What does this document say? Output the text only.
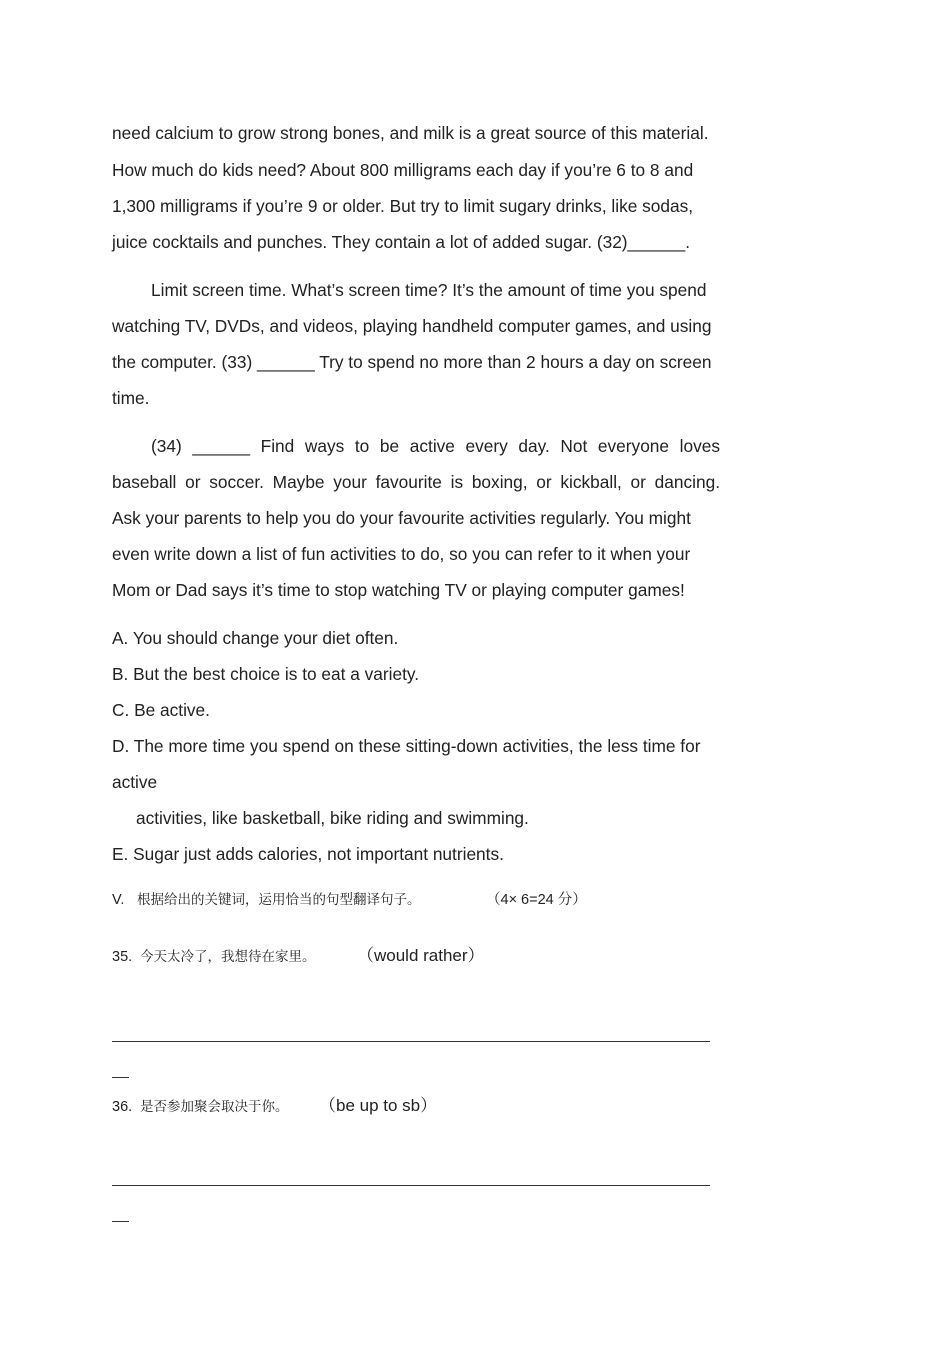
need calcium to grow strong bones, and milk is a great source of this material.
How much do kids need? About 800 milligrams each day if you’re 6 to 8 and
1,300 milligrams if you’re 9 or older. But try to limit sugary drinks, like sodas,
juice cocktails and punches. They contain a lot of added sugar. (32)______.
Limit screen time. What’s screen time? It’s the amount of time you spend
watching TV, DVDs, and videos, playing handheld computer games, and using
the computer. (33) ______ Try to spend no more than 2 hours a day on screen
time.
(34) ______ Find ways to be active every day. Not everyone loves
baseball or soccer. Maybe your favourite is boxing, or kickball, or dancing.
Ask your parents to help you do your favourite activities regularly. You might
even write down a list of fun activities to do, so you can refer to it when your
Mom or Dad says it’s time to stop watching TV or playing computer games!
A. You should change your diet often.
B. But the best choice is to eat a variety.
C. Be active.
D. The more time you spend on these sitting-down activities, the less time for
active
activities, like basketball, bike riding and swimming.
E. Sugar just adds calories, not important nutrients.
V. 根据给出的关键词，运用恰当的句型翻译句子。	（4× 6=24 分）
35. 今天太冷了，我想待在家里。 （would rather）
36. 是否参加聚会取决于你。 （be up to sb）
